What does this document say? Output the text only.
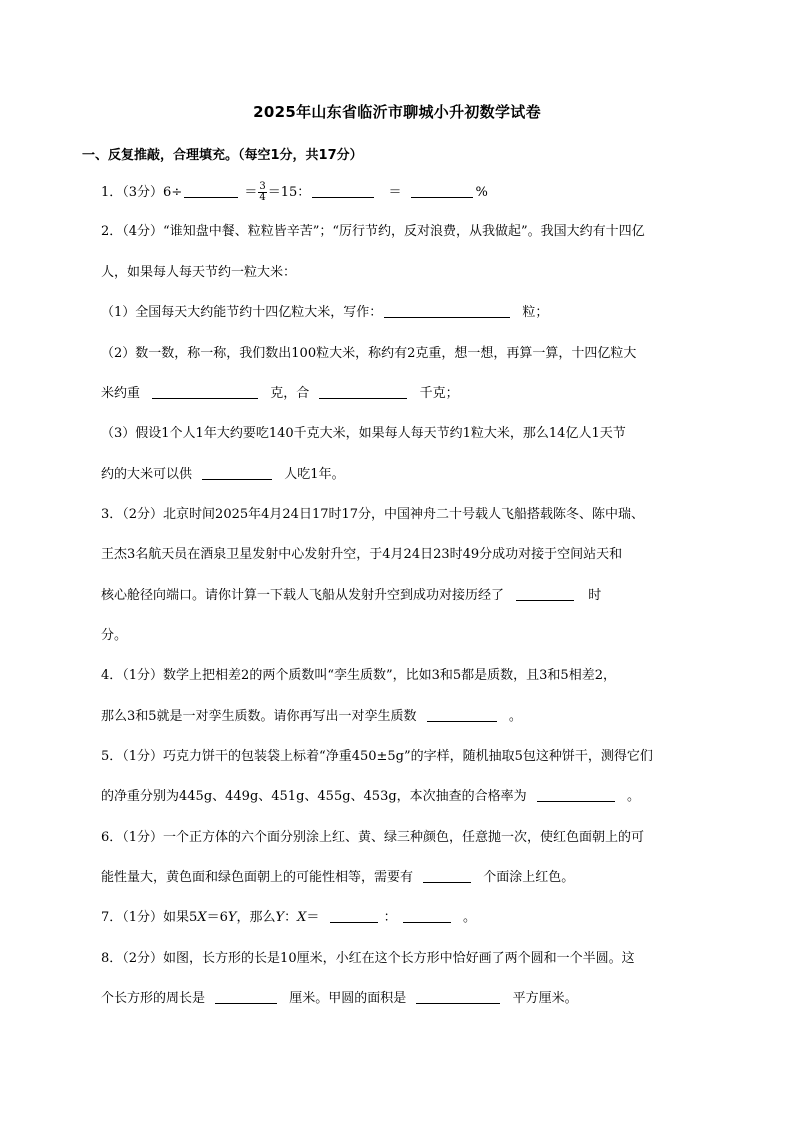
2025年山东省临沂市聊城小升初数学试卷
一、反复推敲，合理填充。（每空1分，共17分）
1．（3分）6÷	＝ $\frac{3}{4} =15$：	＝	%
2．（4分）“谁知盘中餐、粒粒皆辛苦”；“厉行节约，反对浪费，从我做起”。我国大约有十四亿
人，如果每人每天节约一粒大米：
（1）全国每天大约能节约十四亿粒大米，写作：	粒；
（2）数一数，称一称，我们数出100粒大米，称约有2克重，想一想，再算一算，十四亿粒大
米约重	克，合	千克；
（3）假设1个人1年大约要吃140千克大米，如果每人每天节约1粒大米，那么14亿人1天节
约的大米可以供	人吃1年。
3．（2分）北京时间2025年4月24日17时17分，中国神舟二十号载人飞船搭载陈冬、陈中瑞、
王杰3名航天员在酒泉卫星发射中心发射升空，于4月24日23时49分成功对接于空间站天和
核心舱径向端口。请你计算一下载人飞船从发射升空到成功对接历经了	时
分。
4．（1分）数学上把相差2的两个质数叫“孪生质数”，比如3和5都是质数，且3和5相差2，
那么3和5就是一对孪生质数。请你再写出一对孪生质数	。
5．（1分）巧克力饼干的包装袋上标着“净重450±5g”的字样，随机抽取5包这种饼干，测得它们
的净重分别为445g、449g、451g、455g、453g，本次抽查的合格率为	。
6．（1分）一个正方体的六个面分别涂上红、黄、绿三种颜色，任意抛一次，使红色面朝上的可
能性量大，黄色面和绿色面朝上的可能性相等，需要有	个面涂上红色。
7．（1分）如果5X＝6Y，那么Y：X＝	：	。
8．（2分）如图，长方形的长是10厘米，小红在这个长方形中恰好画了两个圆和一个半圆。这
个长方形的周长是	厘米。甲圆的面积是	平方厘米。
